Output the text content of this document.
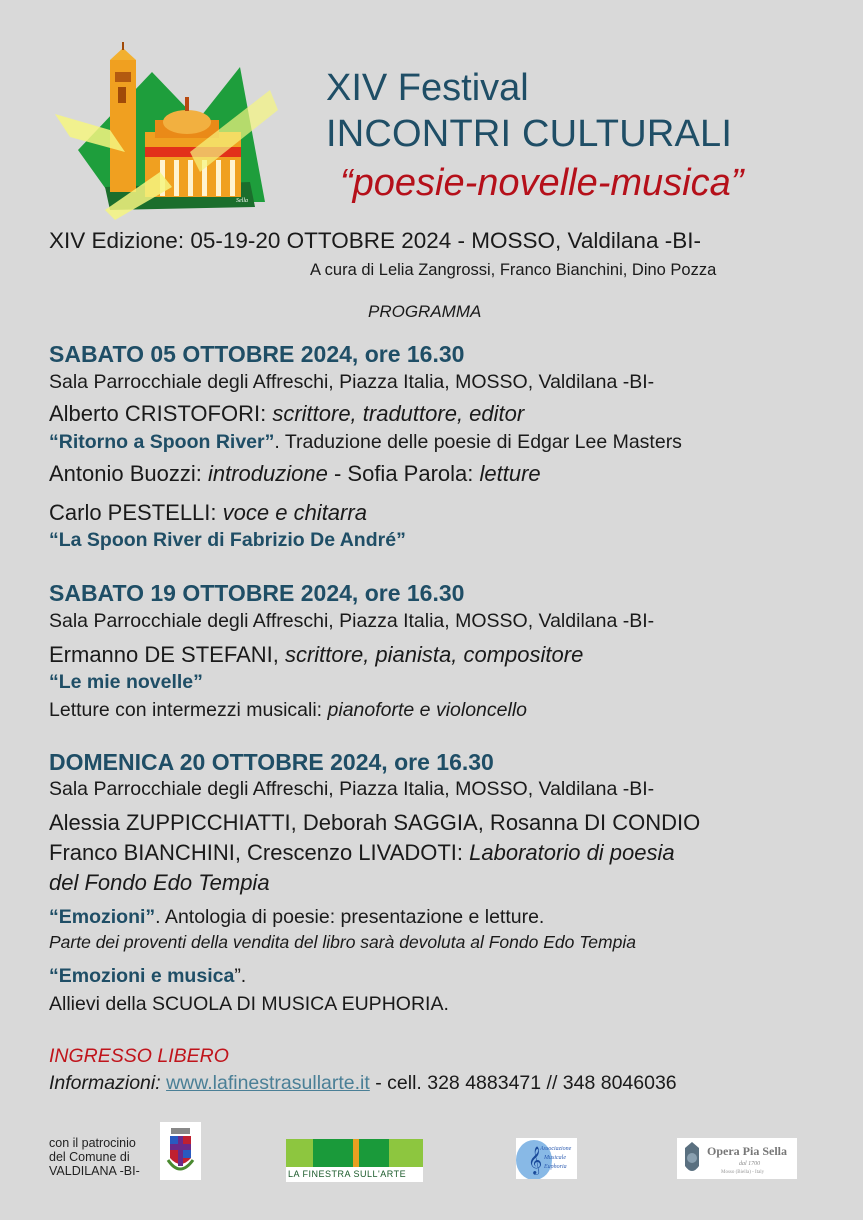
Sella
XIV Festival
INCONTRI CULTURALI
“poesie-novelle-musica”
XIV Edizione: 05-19-20 OTTOBRE 2024 - MOSSO, Valdilana -BI-
A cura di Lelia Zangrossi, Franco Bianchini, Dino Pozza
PROGRAMMA
SABATO 05 OTTOBRE 2024, ore 16.30
Sala Parrocchiale degli Affreschi, Piazza Italia, MOSSO, Valdilana -BI-
Alberto CRISTOFORI: scrittore, traduttore, editor
“Ritorno a Spoon River”. Traduzione delle poesie di Edgar Lee Masters
Antonio Buozzi: introduzione - Sofia Parola: letture
Carlo PESTELLI: voce e chitarra
“La Spoon River di Fabrizio De André”
SABATO 19 OTTOBRE 2024, ore 16.30
Sala Parrocchiale degli Affreschi, Piazza Italia, MOSSO, Valdilana -BI-
Ermanno DE STEFANI, scrittore, pianista, compositore
“Le mie novelle”
Letture con intermezzi musicali: pianoforte e violoncello
DOMENICA 20 OTTOBRE 2024, ore 16.30
Sala Parrocchiale degli Affreschi, Piazza Italia, MOSSO, Valdilana -BI-
Alessia ZUPPICCHIATTI, Deborah SAGGIA, Rosanna DI CONDIO
Franco BIANCHINI, Crescenzo LIVADOTI: Laboratorio di poesia
del Fondo Edo Tempia
“Emozioni”. Antologia di poesie: presentazione e letture.
Parte dei proventi della vendita del libro sarà devoluta al Fondo Edo Tempia
“Emozioni e musica”.
Allievi della SCUOLA DI MUSICA EUPHORIA.
INGRESSO LIBERO
Informazioni: www.lafinestrasullarte.it - cell. 328 4883471 // 348 8046036
con il patrocinio
del Comune di
VALDILANA -BI-	LA FINESTRA SULL'ARTE	𝄞
Associazione
Musicale
Euphoria
Opera Pia Sella
dal 1700
Mosso (Biella) - Italy
